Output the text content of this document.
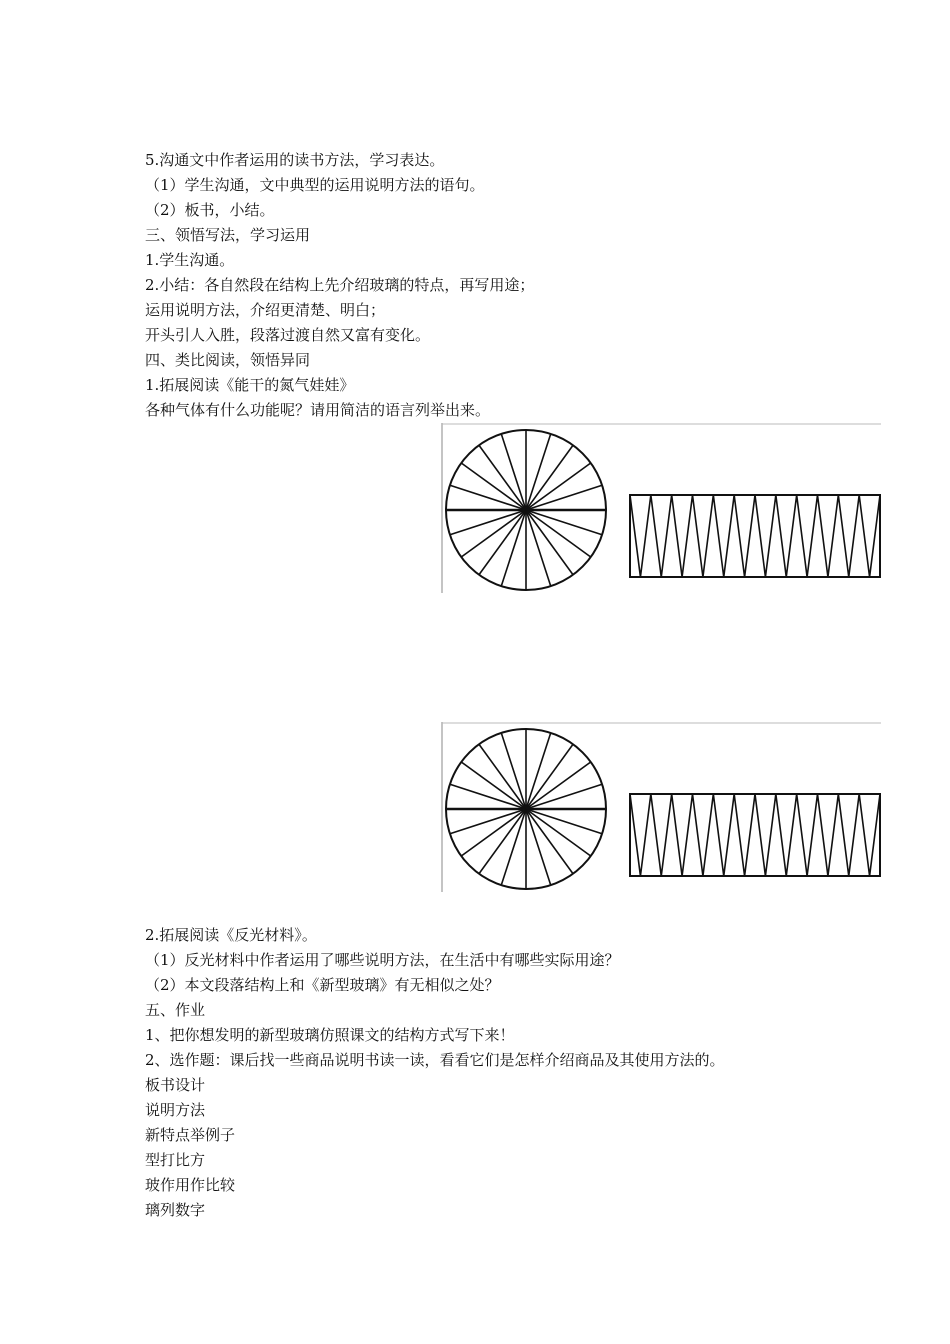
5.沟通文中作者运用的读书方法，学习表达。
（1）学生沟通，文中典型的运用说明方法的语句。
（2）板书，小结。
三、领悟写法，学习运用
1.学生沟通。
2.小结：各自然段在结构上先介绍玻璃的特点，再写用途；
运用说明方法，介绍更清楚、明白；
开头引人入胜，段落过渡自然又富有变化。
四、类比阅读，领悟异同
1.拓展阅读《能干的氮气娃娃》
各种气体有什么功能呢？请用简洁的语言列举出来。
2.拓展阅读《反光材料》。
（1）反光材料中作者运用了哪些说明方法，在生活中有哪些实际用途？
（2）本文段落结构上和《新型玻璃》有无相似之处？
五、作业
1、把你想发明的新型玻璃仿照课文的结构方式写下来！
2、选作题：课后找一些商品说明书读一读，看看它们是怎样介绍商品及其使用方法的。
板书设计
说明方法
新特点举例子
型打比方
玻作用作比较
璃列数字
